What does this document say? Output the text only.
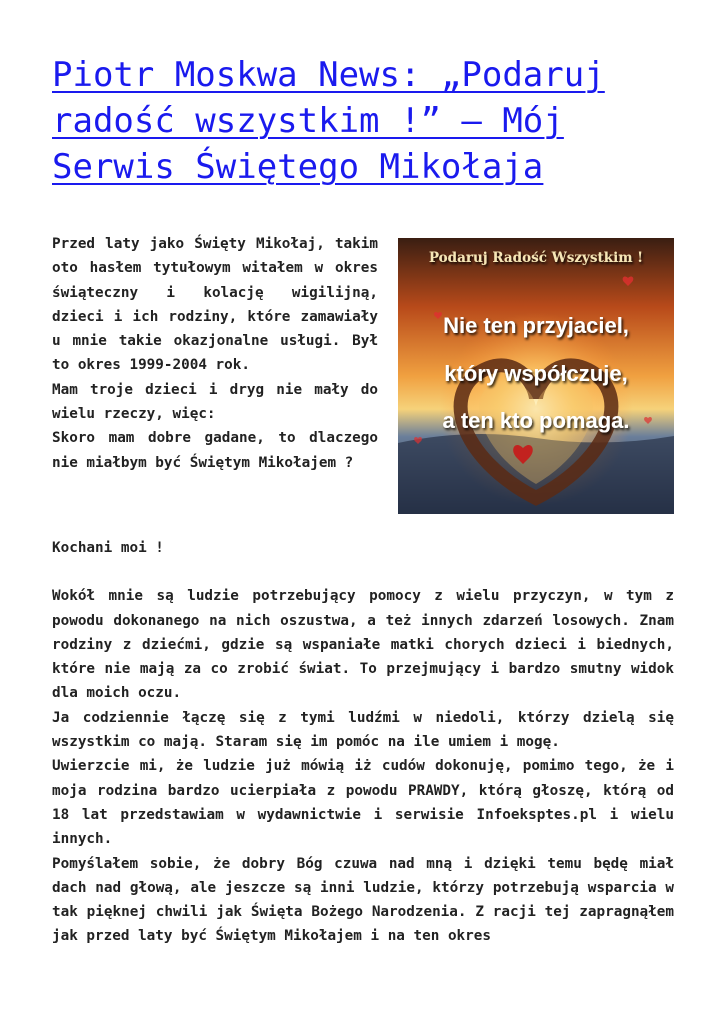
Piotr Moskwa News: „Podaruj radość wszystkim !” – Mój Serwis Świętego Mikołaja

Przed laty jako Święty Mikołaj, takim oto hasłem tytułowym witałem w okres świąteczny i kolację wigilijną, dzieci i ich rodziny, które zamawiały u mnie takie okazjonalne usługi. Był to okres 1999-2004 rok.

Mam troje dzieci i dryg nie mały do wielu rzeczy, więc:

Skoro mam dobre gadane, to dlaczego nie miałbym być Świętym Mikołajem ?

Podaruj Radość Wszystkim !
Nie ten przyjaciel,
który współczuje,
a ten kto pomaga.

Kochani moi !

Wokół mnie są ludzie potrzebujący pomocy z wielu przyczyn, w tym z powodu dokonanego na nich oszustwa, a też innych zdarzeń losowych. Znam rodziny z dziećmi, gdzie są wspaniałe matki chorych dzieci i biednych, które nie mają za co zrobić świat. To przejmujący i bardzo smutny widok dla moich oczu.

Ja codziennie łączę się z tymi ludźmi w niedoli, którzy dzielą się wszystkim co mają. Staram się im pomóc na ile umiem i mogę.

Uwierzcie mi, że ludzie już mówią iż cudów dokonuję, pomimo tego, że i moja rodzina bardzo ucierpiała z powodu PRAWDY, którą głoszę, którą od 18 lat przedstawiam w wydawnictwie i serwisie Infoeksptes.pl i wielu innych.

Pomyślałem sobie, że dobry Bóg czuwa nad mną i dzięki temu będę miał dach nad głową, ale jeszcze są inni ludzie, którzy potrzebują wsparcia w tak pięknej chwili jak Święta Bożego Narodzenia. Z racji tej zapragnąłem jak przed laty być Świętym Mikołajem i na ten okres
